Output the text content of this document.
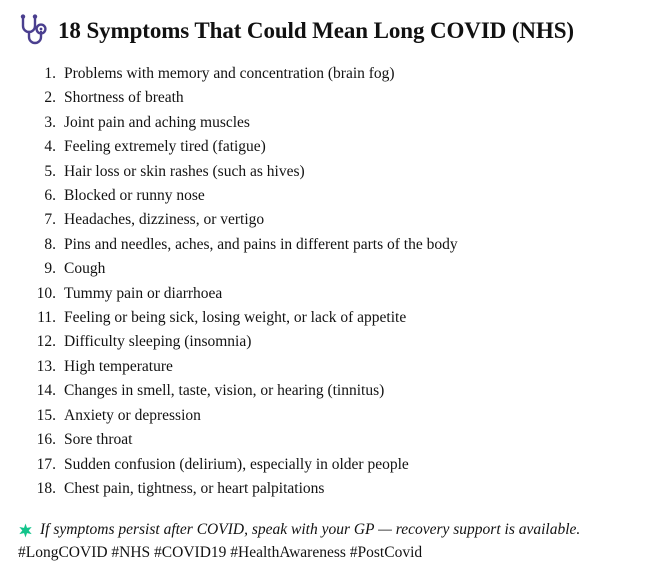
18 Symptoms That Could Mean Long COVID (NHS)
1. Problems with memory and concentration (brain fog)
2. Shortness of breath
3. Joint pain and aching muscles
4. Feeling extremely tired (fatigue)
5. Hair loss or skin rashes (such as hives)
6. Blocked or runny nose
7. Headaches, dizziness, or vertigo
8. Pins and needles, aches, and pains in different parts of the body
9. Cough
10. Tummy pain or diarrhoea
11. Feeling or being sick, losing weight, or lack of appetite
12. Difficulty sleeping (insomnia)
13. High temperature
14. Changes in smell, taste, vision, or hearing (tinnitus)
15. Anxiety or depression
16. Sore throat
17. Sudden confusion (delirium), especially in older people
18. Chest pain, tightness, or heart palpitations
If symptoms persist after COVID, speak with your GP — recovery support is available.
#LongCOVID #NHS #COVID19 #HealthAwareness #PostCovid
